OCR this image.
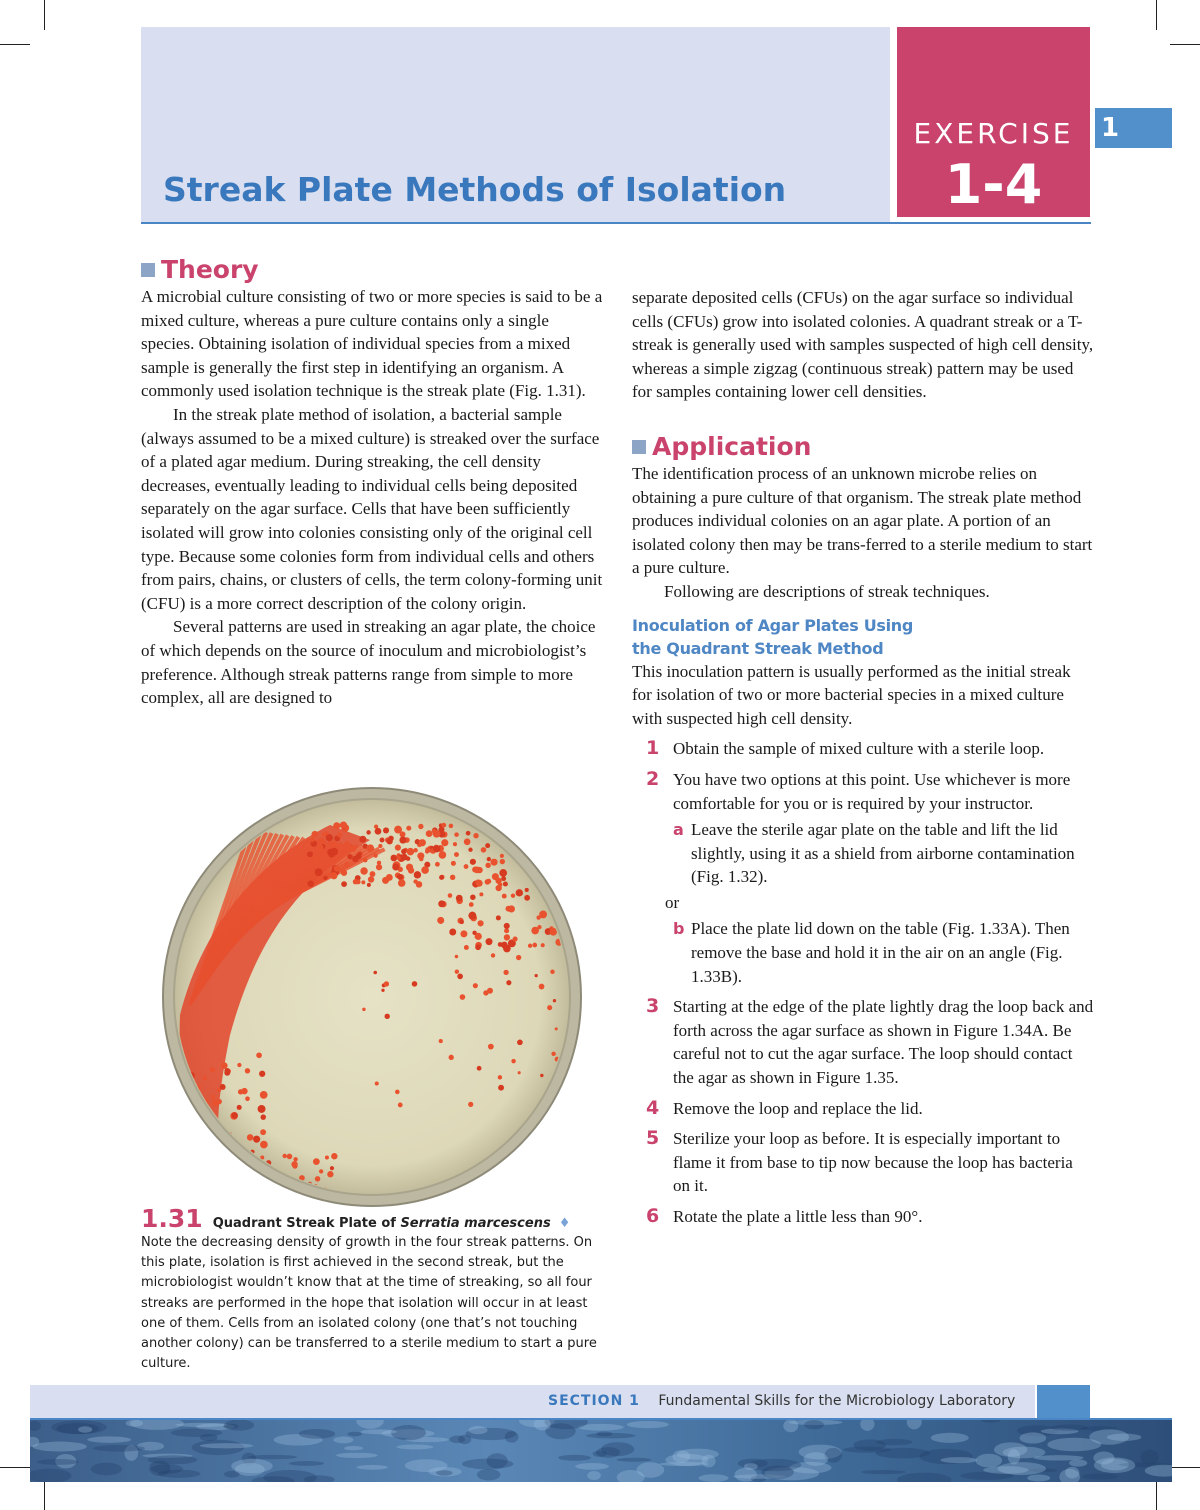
Streak Plate Methods of Isolation
EXERCISE
1-4
1
Theory

A microbial culture consisting of two or more species is said to be a mixed culture, whereas a pure culture contains only a single species. Obtaining isolation of individual species from a mixed sample is generally the first step in identifying an organism. A commonly used isolation technique is the streak plate (Fig. 1.31).

In the streak plate method of isolation, a bacterial sample (always assumed to be a mixed culture) is streaked over the surface of a plated agar medium. During streaking, the cell density decreases, eventually leading to individual cells being deposited separately on the agar surface. Cells that have been sufficiently isolated will grow into colonies consisting only of the original cell type. Because some colonies form from individual cells and others from pairs, chains, or clusters of cells, the term colony-forming unit (CFU) is a more correct description of the colony origin.

Several patterns are used in streaking an agar plate, the choice of which depends on the source of inoculum and microbiologist’s preference. Although streak patterns range from simple to more complex, all are designed to

1.31 Quadrant Streak Plate of Serratia marcescens ♦

Note the decreasing density of growth in the four streak patterns. On this plate, isolation is first achieved in the second streak, but the microbiologist wouldn’t know that at the time of streaking, so all four streaks are performed in the hope that isolation will occur in at least one of them. Cells from an isolated colony (one that’s not touching another colony) can be transferred to a sterile medium to start a pure culture.

separate deposited cells (CFUs) on the agar surface so individual cells (CFUs) grow into isolated colonies. A quadrant streak or a T-streak is generally used with samples suspected of high cell density, whereas a simple zigzag (continuous streak) pattern may be used for samples containing lower cell densities.

Application

The identification process of an unknown microbe relies on obtaining a pure culture of that organism. The streak plate method produces individual colonies on an agar plate. A portion of an isolated colony then may be trans-ferred to a sterile medium to start a pure culture.

Following are descriptions of streak techniques.

Inoculation of Agar Plates Using
the Quadrant Streak Method

This inoculation pattern is usually performed as the initial streak for isolation of two or more bacterial species in a mixed culture with suspected high cell density.

1 Obtain the sample of mixed culture with a sterile loop.
2 You have two options at this point. Use whichever is more comfortable for you or is required by your instructor.
a Leave the sterile agar plate on the table and lift the lid slightly, using it as a shield from airborne contamination (Fig. 1.32).
or
b Place the plate lid down on the table (Fig. 1.33A). Then remove the base and hold it in the air on an angle (Fig. 1.33B).
3 Starting at the edge of the plate lightly drag the loop back and forth across the agar surface as shown in Figure 1.34A. Be careful not to cut the agar surface. The loop should contact the agar as shown in Figure 1.35.
4 Remove the loop and replace the lid.
5 Sterilize your loop as before. It is especially important to flame it from base to tip now because the loop has bacteria on it.
6 Rotate the plate a little less than 90°.
SECTION 1 Fundamental Skills for the Microbiology Laboratory
